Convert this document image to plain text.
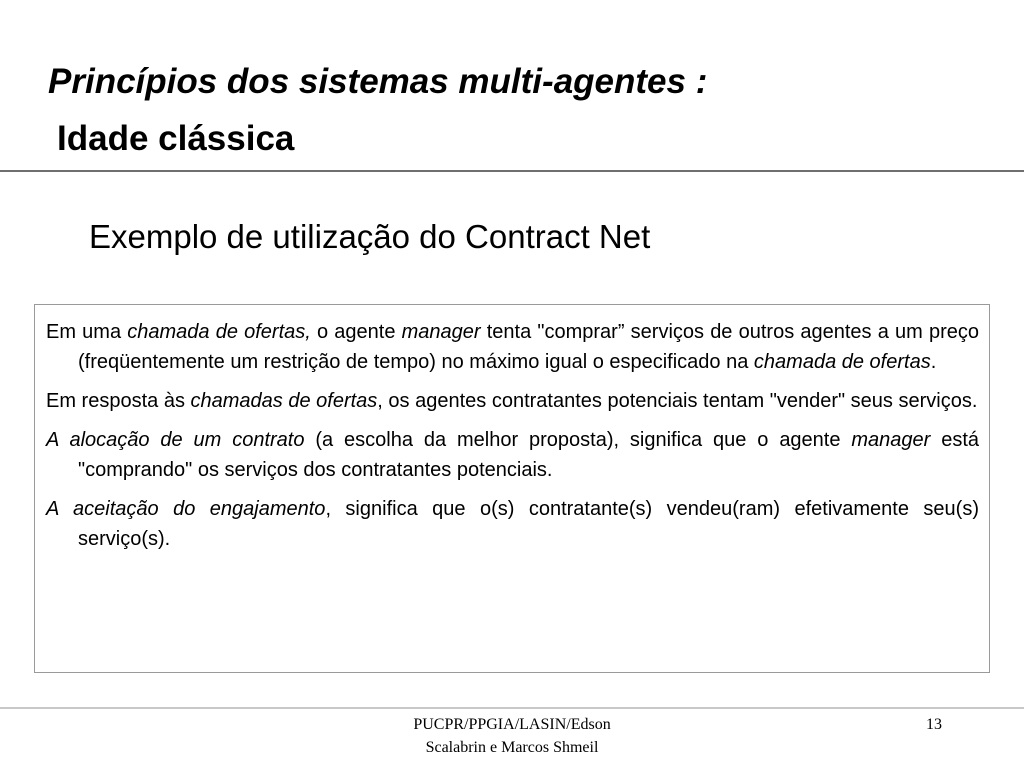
Princípios dos sistemas multi-agentes :
Idade clássica
Exemplo de utilização do Contract Net

Em uma chamada de ofertas, o agente manager tenta "comprar” serviços de outros agentes a um preço (freqüentemente um restrição de tempo) no máximo igual o especificado na chamada de ofertas.

Em resposta às chamadas de ofertas, os agentes contratantes potenciais tentam "vender" seus serviços.

A alocação de um contrato (a escolha da melhor proposta), significa que o agente manager está "comprando" os serviços dos contratantes potenciais.

A aceitação do engajamento, significa que o(s) contratante(s) vendeu(ram) efetivamente seu(s) serviço(s).

PUCPR/PPGIA/LASIN/Edson
Scalabrin e Marcos Shmeil
13
